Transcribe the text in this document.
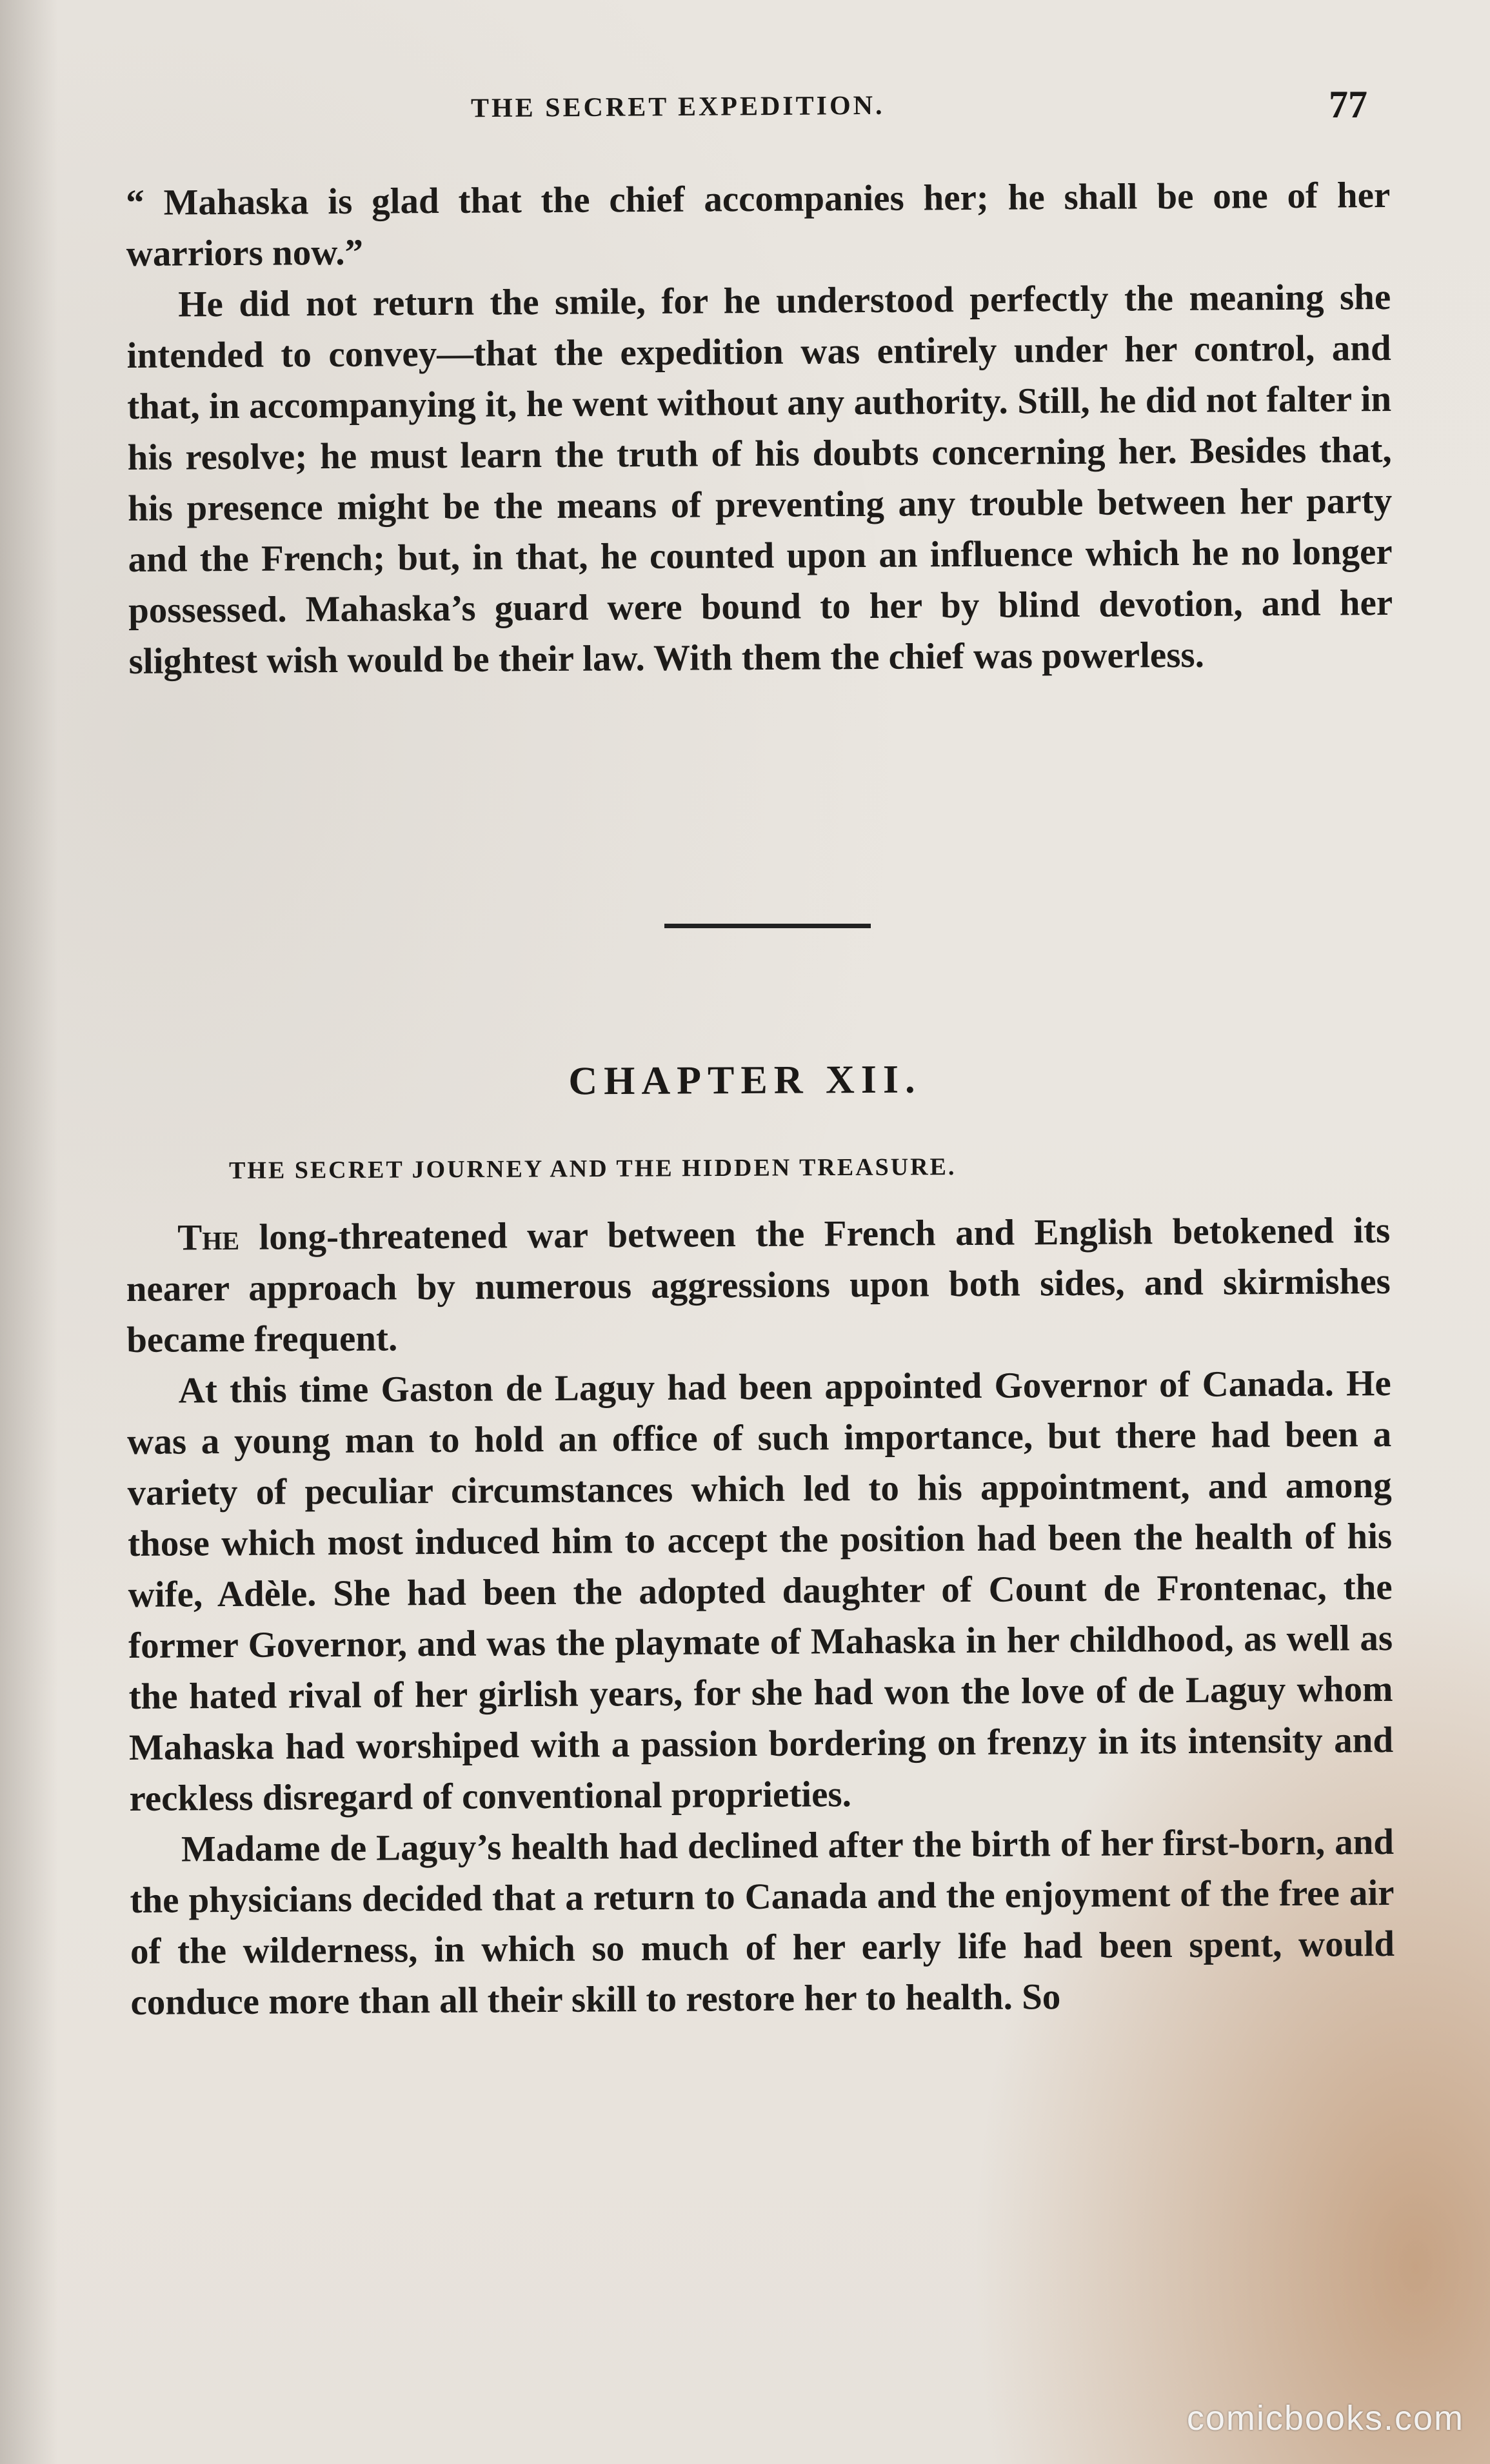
THE SECRET EXPEDITION.	77

“ Mahaska is glad that the chief accompanies her; he shall be one of her warriors now.”

He did not return the smile, for he understood perfectly the meaning she intended to convey—that the expedition was entirely under her control, and that, in accompanying it, he went without any authority. Still, he did not falter in his resolve; he must learn the truth of his doubts concerning her. Besides that, his presence might be the means of preventing any trouble between her party and the French; but, in that, he counted upon an influence which he no longer possessed. Mahaska’s guard were bound to her by blind devotion, and her slightest wish would be their law. With them the chief was powerless.

CHAPTER XII.
THE SECRET JOURNEY AND THE HIDDEN TREASURE.

The long-threatened war between the French and English betokened its nearer approach by numerous aggressions upon both sides, and skirmishes became frequent.

At this time Gaston de Laguy had been appointed Governor of Canada. He was a young man to hold an office of such importance, but there had been a variety of peculiar circumstances which led to his appointment, and among those which most induced him to accept the position had been the health of his wife, Adèle. She had been the adopted daughter of Count de Frontenac, the former Governor, and was the playmate of Mahaska in her childhood, as well as the hated rival of her girlish years, for she had won the love of de Laguy whom Mahaska had worshiped with a passion bordering on frenzy in its intensity and reckless disregard of conventional proprieties.

Madame de Laguy’s health had declined after the birth of her first-born, and the physicians decided that a return to Canada and the enjoyment of the free air of the wilderness, in which so much of her early life had been spent, would conduce more than all their skill to restore her to health. So

comicbooks.com
